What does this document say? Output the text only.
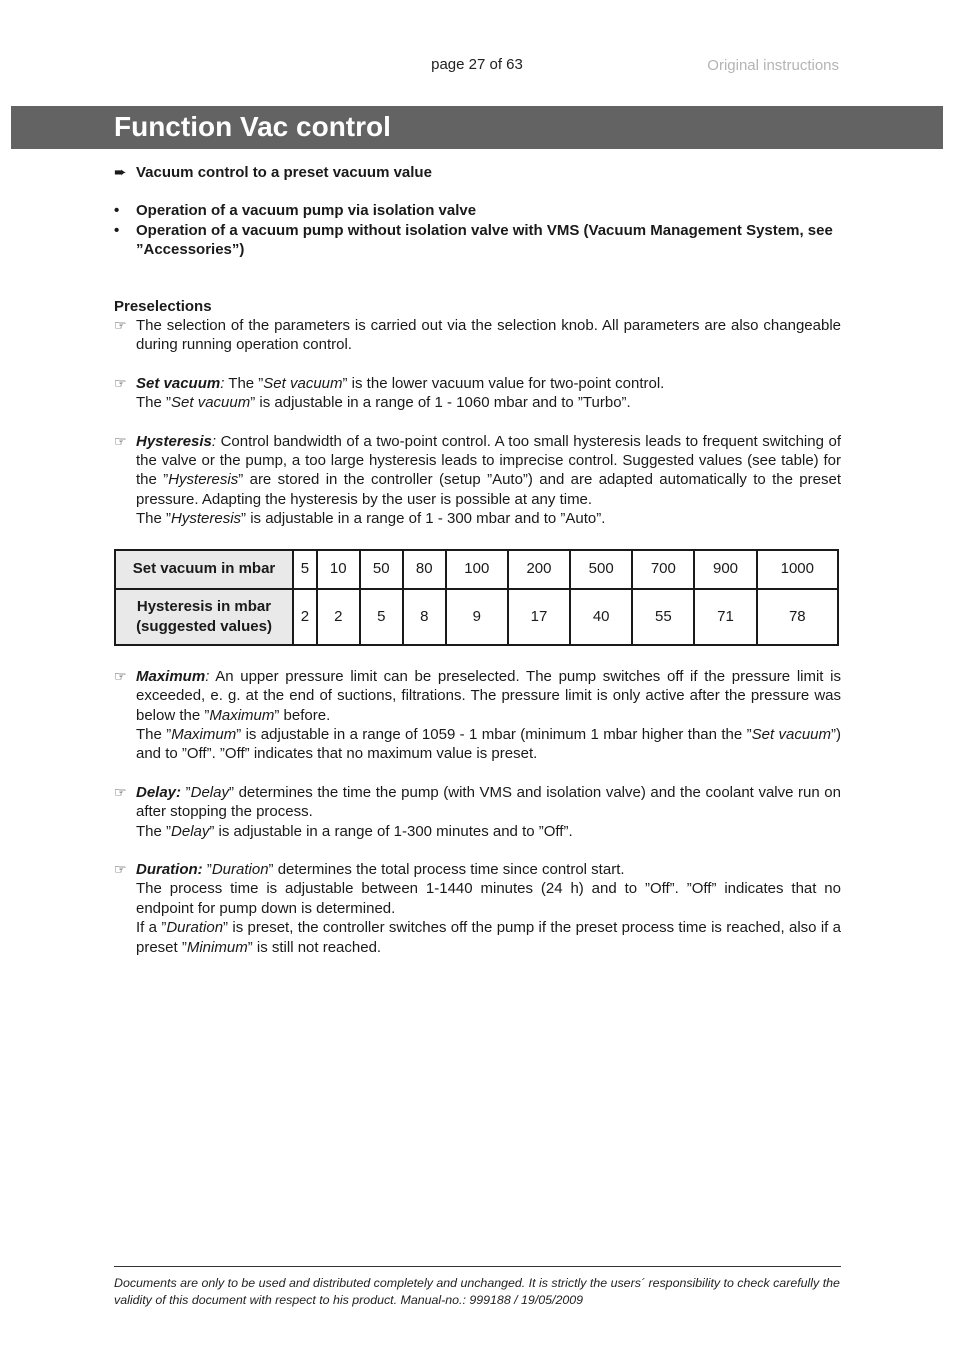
page 27 of 63	Original instructions
Function Vac control
➨ Vacuum control to a preset vacuum value
•	Operation of a vacuum pump via isolation valve
•	Operation of a vacuum pump without isolation valve with VMS (Vacuum Management System, see ”Accessories”)
Preselections
☞ The selection of the parameters is carried out via the selection knob. All parameters are also changeable during running operation control.
☞ Set vacuum: The ”Set vacuum” is the lower vacuum value for two-point control.
The ”Set vacuum” is adjustable in a range of 1 - 1060 mbar and to ”Turbo”.
☞ Hysteresis: Control bandwidth of a two-point control. A too small hysteresis leads to frequent switching of the valve or the pump, a too large hysteresis leads to imprecise control. Suggested values (see table) for the ”Hysteresis” are stored in the controller (setup ”Auto”) and are adapted automatically to the preset pressure. Adapting the hysteresis by the user is possible at any time.
The ”Hysteresis” is adjustable in a range of 1 - 300 mbar and to ”Auto”.
Set vacuum in mbar	5	10	50	80	100	200	500	700	900	1000

Hysteresis in mbar
(suggested values)	2	2	5	8	9	17	40	55	71	78
☞ Maximum: An upper pressure limit can be preselected. The pump switches off if the pressure limit is exceeded, e. g. at the end of suctions, filtrations. The pressure limit is only active after the pressure was below the ”Maximum” before.
The ”Maximum” is adjustable in a range of 1059 - 1 mbar (minimum 1 mbar higher than the ”Set vacuum”) and to ”Off”. ”Off” indicates that no maximum value is preset.
☞ Delay: ”Delay” determines the time the pump (with VMS and isolation valve) and the coolant valve run on after stopping the process.
The ”Delay” is adjustable in a range of 1-300 minutes and to ”Off”.
☞ Duration: ”Duration” determines the total process time since control start.
The process time is adjustable between 1-1440 minutes (24 h) and to ”Off”. ”Off” indicates that no endpoint for pump down is determined.
If a ”Duration” is preset, the controller switches off the pump if the preset process time is reached, also if a preset ”Minimum” is still not reached.
Documents are only to be used and distributed completely and unchanged. It is strictly the users´ responsibility to check carefully the validity of this document with respect to his product. Manual-no.: 999188 / 19/05/2009
